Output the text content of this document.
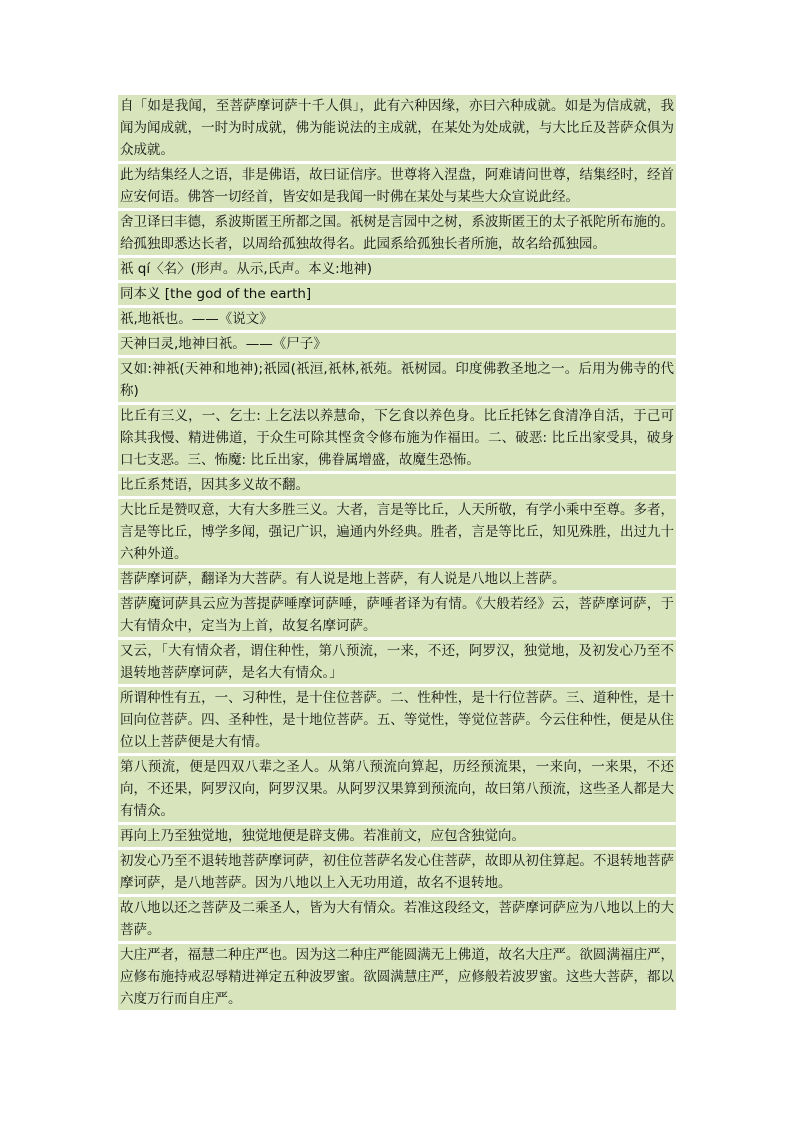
自「如是我闻，至菩萨摩诃萨十千人俱」，此有六种因缘，亦曰六种成就。如是为信成就，我闻为闻成就，一时为时成就，佛为能说法的主成就，在某处为处成就，与大比丘及菩萨众俱为众成就。

此为结集经人之语，非是佛语，故曰证信序。世尊将入涅盘，阿难请问世尊，结集经时，经首应安何语。佛答一切经首，皆安如是我闻一时佛在某处与某些大众宣说此经。

舍卫译曰丰德，系波斯匿王所都之国。祇树是言园中之树，系波斯匿王的太子祇陀所布施的。给孤独即悉达长者，以周给孤独故得名。此园系给孤独长者所施，故名给孤独园。

祇 qí〈名〉(形声。从示,氏声。本义:地神)

同本义 [the god of the earth]

祇,地祇也。——《说文》

天神曰灵,地神曰祇。——《尸子》

又如:神祇(天神和地神);祇园(祇洹,祇林,祇苑。祇树园。印度佛教圣地之一。后用为佛寺的代称)

比丘有三义，一、乞士: 上乞法以养慧命，下乞食以养色身。比丘托钵乞食清净自活，于己可除其我慢、精进佛道，于众生可除其悭贪令修布施为作福田。二、破恶: 比丘出家受具，破身口七支恶。三、怖魔: 比丘出家，佛眷属增盛，故魔生恐怖。

比丘系梵语，因其多义故不翻。

大比丘是赞叹意，大有大多胜三义。大者，言是等比丘，人天所敬，有学小乘中至尊。多者，言是等比丘，博学多闻，强记广识，遍通内外经典。胜者，言是等比丘，知见殊胜，出过九十六种外道。

菩萨摩诃萨，翻译为大菩萨。有人说是地上菩萨，有人说是八地以上菩萨。

菩萨魔诃萨具云应为菩提萨唾摩诃萨唾，萨唾者译为有情。《大般若经》云，菩萨摩诃萨，于大有情众中，定当为上首，故复名摩诃萨。

又云，「大有情众者，谓住种性，第八预流，一来，不还，阿罗汉，独觉地，及初发心乃至不退转地菩萨摩诃萨，是名大有情众。」

所谓种性有五，一、习种性，是十住位菩萨。二、性种性，是十行位菩萨。三、道种性，是十回向位菩萨。四、圣种性，是十地位菩萨。五、等觉性，等觉位菩萨。今云住种性，便是从住位以上菩萨便是大有情。

第八预流，便是四双八辈之圣人。从第八预流向算起，历经预流果，一来向，一来果，不还向，不还果，阿罗汉向，阿罗汉果。从阿罗汉果算到预流向，故曰第八预流，这些圣人都是大有情众。

再向上乃至独觉地，独觉地便是辟支佛。若准前文，应包含独觉向。

初发心乃至不退转地菩萨摩诃萨，初住位菩萨名发心住菩萨，故即从初住算起。不退转地菩萨摩诃萨，是八地菩萨。因为八地以上入无功用道，故名不退转地。

故八地以还之菩萨及二乘圣人，皆为大有情众。若准这段经文，菩萨摩诃萨应为八地以上的大菩萨。

大庄严者，福慧二种庄严也。因为这二种庄严能圆满无上佛道，故名大庄严。欲圆满福庄严，应修布施持戒忍辱精进禅定五种波罗蜜。欲圆满慧庄严，应修般若波罗蜜。这些大菩萨，都以六度万行而自庄严。
